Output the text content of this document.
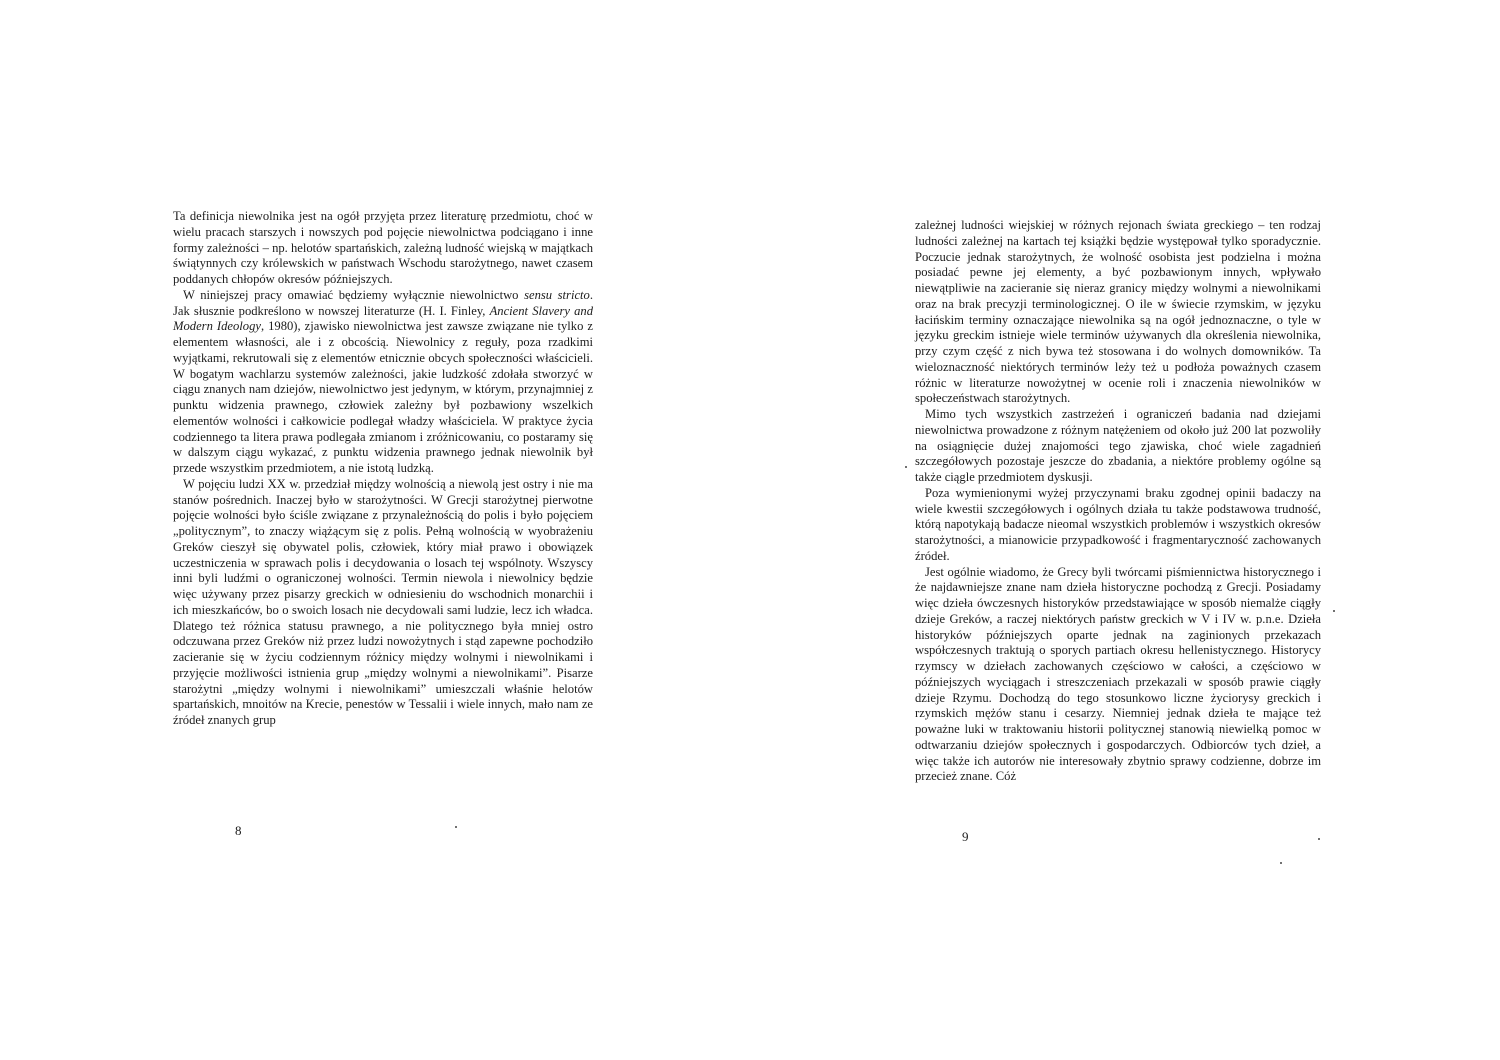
Ta definicja niewolnika jest na ogół przyjęta przez literaturę przedmiotu, choć w wielu pracach starszych i nowszych pod pojęcie niewolnictwa podciągano i inne formy zależności – np. helotów spartańskich, zależną ludność wiejską w majątkach świątynnych czy królewskich w państwach Wschodu starożytnego, nawet czasem poddanych chłopów okresów późniejszych.

W niniejszej pracy omawiać będziemy wyłącznie niewolnictwo sensu stricto. Jak słusznie podkreślono w nowszej literaturze (H. I. Finley, Ancient Slavery and Modern Ideology, 1980), zjawisko niewolnictwa jest zawsze związane nie tylko z elementem własności, ale i z obcością. Niewolnicy z reguły, poza rzadkimi wyjątkami, rekrutowali się z elementów etnicznie obcych społeczności właścicieli. W bogatym wachlarzu systemów zależności, jakie ludzkość zdołała stworzyć w ciągu znanych nam dziejów, niewolnictwo jest jedynym, w którym, przynajmniej z punktu widzenia prawnego, człowiek zależny był pozbawiony wszelkich elementów wolności i całkowicie podlegał władzy właściciela. W praktyce życia codziennego ta litera prawa podlegała zmianom i zróżnicowaniu, co postaramy się w dalszym ciągu wykazać, z punktu widzenia prawnego jednak niewolnik był przede wszystkim przedmiotem, a nie istotą ludzką.

W pojęciu ludzi XX w. przedział między wolnością a niewolą jest ostry i nie ma stanów pośrednich. Inaczej było w starożytności. W Grecji starożytnej pierwotne pojęcie wolności było ściśle związane z przynależnością do polis i było pojęciem „politycznym”, to znaczy wiążącym się z polis. Pełną wolnością w wyobrażeniu Greków cieszył się obywatel polis, człowiek, który miał prawo i obowiązek uczestniczenia w sprawach polis i decydowania o losach tej wspólnoty. Wszyscy inni byli ludźmi o ograniczonej wolności. Termin niewola i niewolnicy będzie więc używany przez pisarzy greckich w odniesieniu do wschodnich monarchii i ich mieszkańców, bo o swoich losach nie decydowali sami ludzie, lecz ich władca. Dlatego też różnica statusu prawnego, a nie politycznego była mniej ostro odczuwana przez Greków niż przez ludzi nowożytnych i stąd zapewne pochodziło zacieranie się w życiu codziennym różnicy między wolnymi i niewolnikami i przyjęcie możliwości istnienia grup „między wolnymi a niewolnikami”. Pisarze starożytni „między wolnymi i niewolnikami” umieszczali właśnie helotów spartańskich, mnoitów na Krecie, penestów w Tessalii i wiele innych, mało nam ze źródeł znanych grup

8

zależnej ludności wiejskiej w różnych rejonach świata greckiego – ten rodzaj ludności zależnej na kartach tej książki będzie występował tylko sporadycznie. Poczucie jednak starożytnych, że wolność osobista jest podzielna i można posiadać pewne jej elementy, a być pozbawionym innych, wpływało niewątpliwie na zacieranie się nieraz granicy między wolnymi a niewolnikami oraz na brak precyzji terminologicznej. O ile w świecie rzymskim, w języku łacińskim terminy oznaczające niewolnika są na ogół jednoznaczne, o tyle w języku greckim istnieje wiele terminów używanych dla określenia niewolnika, przy czym część z nich bywa też stosowana i do wolnych domowników. Ta wieloznaczność niektórych terminów leży też u podłoża poważnych czasem różnic w literaturze nowożytnej w ocenie roli i znaczenia niewolników w społeczeństwach starożytnych.

Mimo tych wszystkich zastrzeżeń i ograniczeń badania nad dziejami niewolnictwa prowadzone z różnym natężeniem od około już 200 lat pozwoliły na osiągnięcie dużej znajomości tego zjawiska, choć wiele zagadnień szczegółowych pozostaje jeszcze do zbadania, a niektóre problemy ogólne są także ciągle przedmiotem dyskusji.

Poza wymienionymi wyżej przyczynami braku zgodnej opinii badaczy na wiele kwestii szczegółowych i ogólnych działa tu także podstawowa trudność, którą napotykają badacze nieomal wszystkich problemów i wszystkich okresów starożytności, a mianowicie przypadkowość i fragmentaryczność zachowanych źródeł.

Jest ogólnie wiadomo, że Grecy byli twórcami piśmiennictwa historycznego i że najdawniejsze znane nam dzieła historyczne pochodzą z Grecji. Posiadamy więc dzieła ówczesnych historyków przedstawiające w sposób niemalże ciągły dzieje Greków, a raczej niektórych państw greckich w V i IV w. p.n.e. Dzieła historyków późniejszych oparte jednak na zaginionych przekazach współczesnych traktują o sporych partiach okresu hellenistycznego. Historycy rzymscy w dziełach zachowanych częściowo w całości, a częściowo w późniejszych wyciągach i streszczeniach przekazali w sposób prawie ciągły dzieje Rzymu. Dochodzą do tego stosunkowo liczne życiorysy greckich i rzymskich mężów stanu i cesarzy. Niemniej jednak dzieła te mające też poważne luki w traktowaniu historii politycznej stanowią niewielką pomoc w odtwarzaniu dziejów społecznych i gospodarczych. Odbiorców tych dzieł, a więc także ich autorów nie interesowały zbytnio sprawy codzienne, dobrze im przecież znane. Cóż

9
